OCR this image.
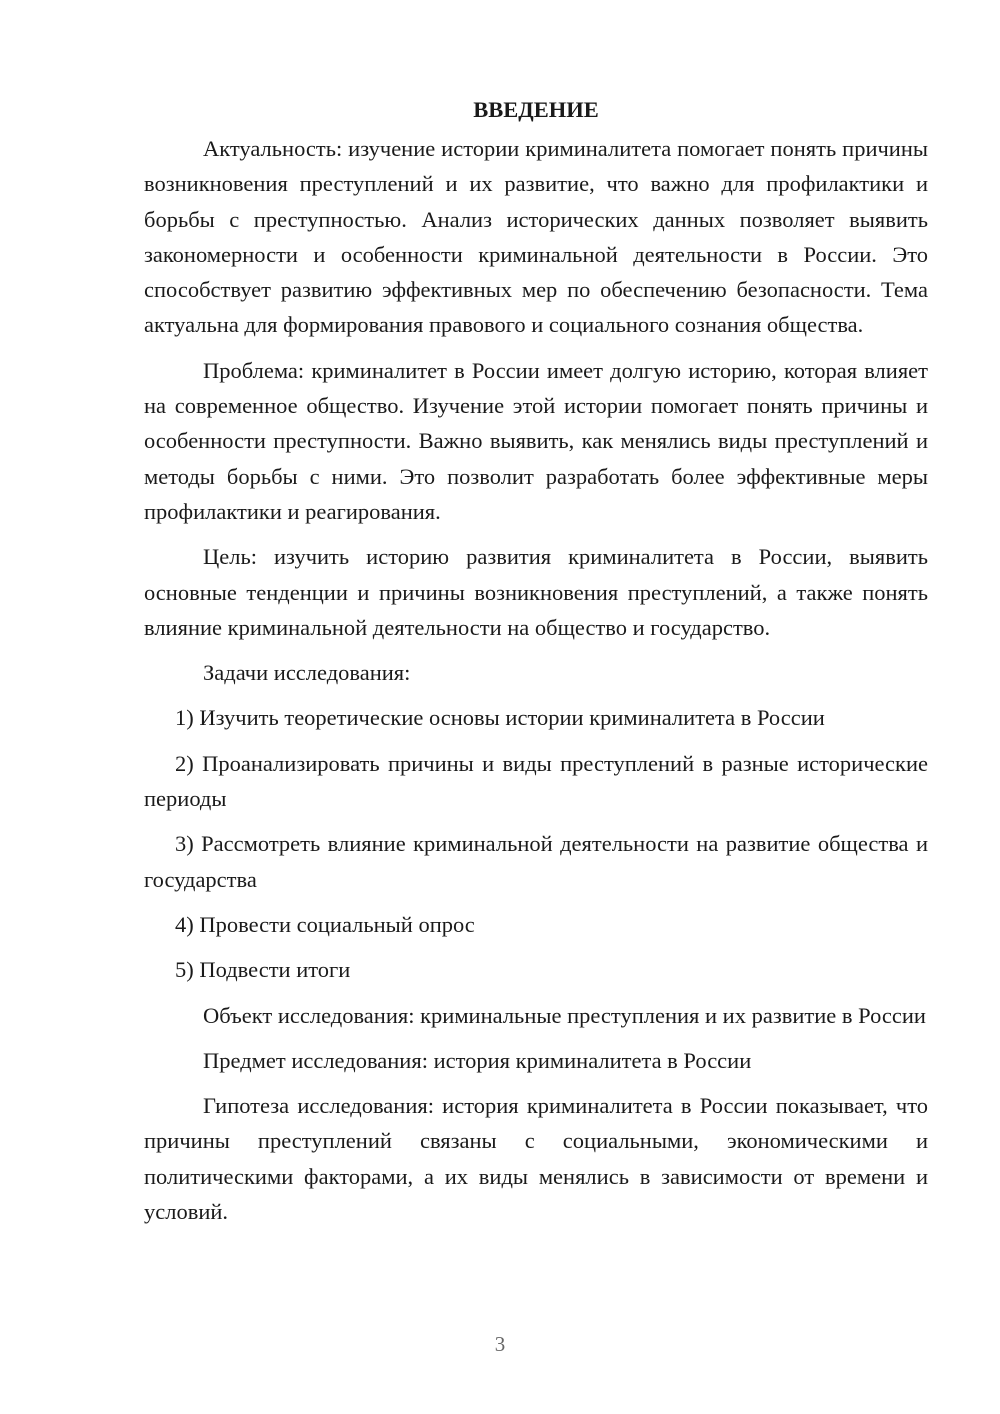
ВВЕДЕНИЕ

Актуальность: изучение истории криминалитета помогает понять причины возникновения преступлений и их развитие, что важно для профилактики и борьбы с преступностью. Анализ исторических данных позволяет выявить закономерности и особенности криминальной деятельности в России. Это способствует развитию эффективных мер по обеспечению безопасности. Тема актуальна для формирования правового и социального сознания общества.

Проблема: криминалитет в России имеет долгую историю, которая влияет на современное общество. Изучение этой истории помогает понять причины и особенности преступности. Важно выявить, как менялись виды преступлений и методы борьбы с ними. Это позволит разработать более эффективные меры профилактики и реагирования.

Цель: изучить историю развития криминалитета в России, выявить основные тенденции и причины возникновения преступлений, а также понять влияние криминальной деятельности на общество и государство.

Задачи исследования:

1) Изучить теоретические основы истории криминалитета в России

2) Проанализировать причины и виды преступлений в разные исторические периоды

3) Рассмотреть влияние криминальной деятельности на развитие общества и государства

4) Провести социальный опрос

5) Подвести итоги

Объект исследования: криминальные преступления и их развитие в России

Предмет исследования: история криминалитета в России

Гипотеза исследования: история криминалитета в России показывает, что причины преступлений связаны с социальными, экономическими и политическими факторами, а их виды менялись в зависимости от времени и условий.

3
